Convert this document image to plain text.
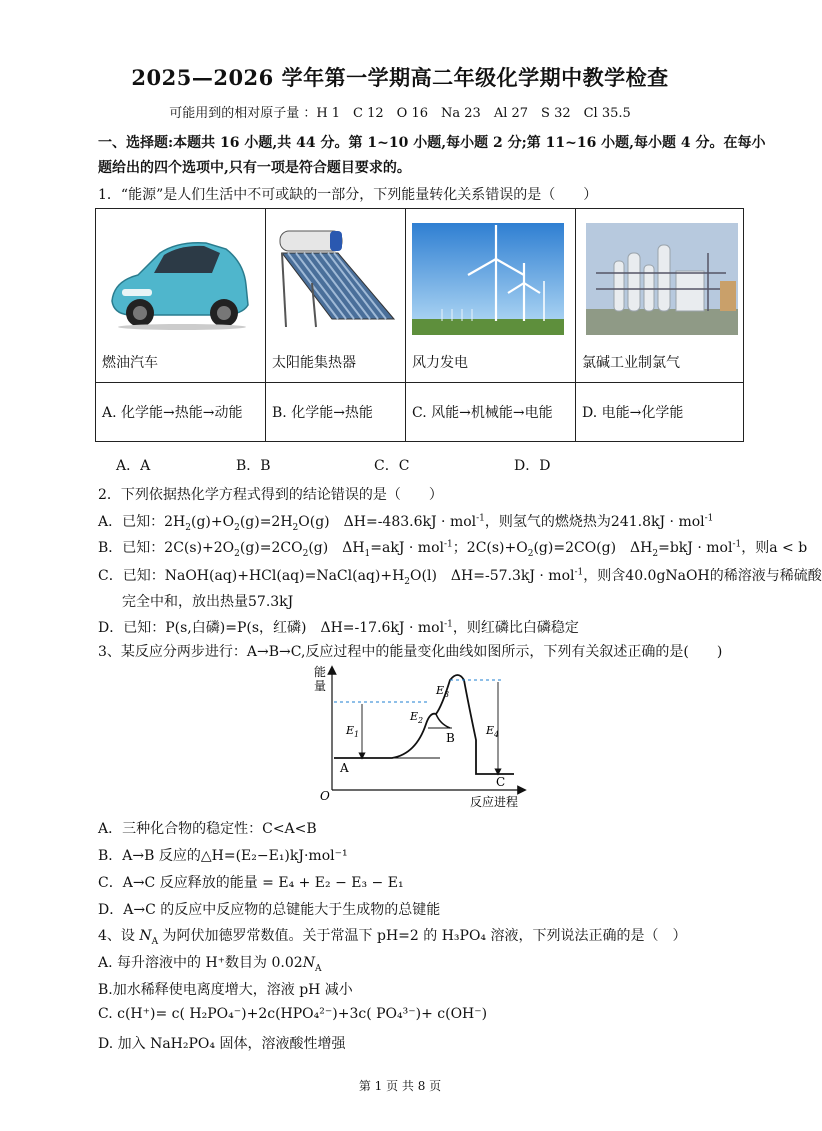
2025—2026 学年第一学期高二年级化学期中教学检查
可能用到的相对原子量 ：H 1　C 12　O 16　Na 23　Al 27　S 32　Cl 35.5
一、选择题:本题共 16 小题,共 44 分。第 1~10 小题,每小题 2 分;第 11~16 小题,每小题 4 分。在每小
题给出的四个选项中,只有一项是符合题目要求的。
1．“能源”是人们生活中不可或缺的一部分，下列能量转化关系错误的是（　　）
燃油汽车	太阳能集热器	风力发电	氯碱工业制氯气

A. 化学能→热能→动能	B. 化学能→热能	C. 风能→机械能→电能	D. 电能→化学能
A．A	B．B	C．C	D．D
2．下列依据热化学方程式得到的结论错误的是（　　）
A．已知：$2H_2(g)+O_2(g)=2H_2O(g)$　ΔH=-483.6kJ · mol$^{-1}$，则氢气的燃烧热为241.8kJ · mol$^{-1}$
B．已知：$2C(s)+2O_2(g)=2CO_2(g)$　$\Delta H_1=akJ \cdot mol^{-1}$；$2C(s)+O_2(g)=2CO(g)$　$\Delta H_2=bkJ \cdot mol^{-1}$，则a < b
C．已知：$NaOH(aq)+HCl(aq)=NaCl(aq)+H_2O(l)$　ΔH=-57.3kJ · mol$^{-1}$，则含40.0gNaOH的稀溶液与稀硫酸
完全中和，放出热量57.3kJ
D．已知：P(s,白磷)=P(s，红磷)　ΔH=-17.6kJ · mol$^{-1}$，则红磷比白磷稳定
3、某反应分两步进行：A→B→C,反应过程中的能量变化曲线如图所示，下列有关叙述正确的是(　　)
能
量
反应进程
O
$E_1$
$E_2$
$E_3$
$E_4$
A
B
C
A．三种化合物的稳定性：C<A<B
B．A→B 反应的△H=(E₂−E₁)kJ·mol⁻¹
C．A→C 反应释放的能量 = E₄ + E₂ − E₃ − E₁
D．A→C 的反应中反应物的总键能大于生成物的总键能
4、设 $N_A$ 为阿伏加德罗常数值。关于常温下 pH=2 的 H₃PO₄ 溶液，下列说法正确的是（　）
A. 每升溶液中的 H⁺数目为 $0.02N_A$
B.加水稀释使电离度增大，溶液 pH 减小
C. c(H⁺)= c( H₂PO₄⁻)+2c(HPO₄²⁻)+3c( PO₄³⁻)+ c(OH⁻)
D. 加入 NaH₂PO₄ 固体，溶液酸性增强
第 1 页 共 8 页
